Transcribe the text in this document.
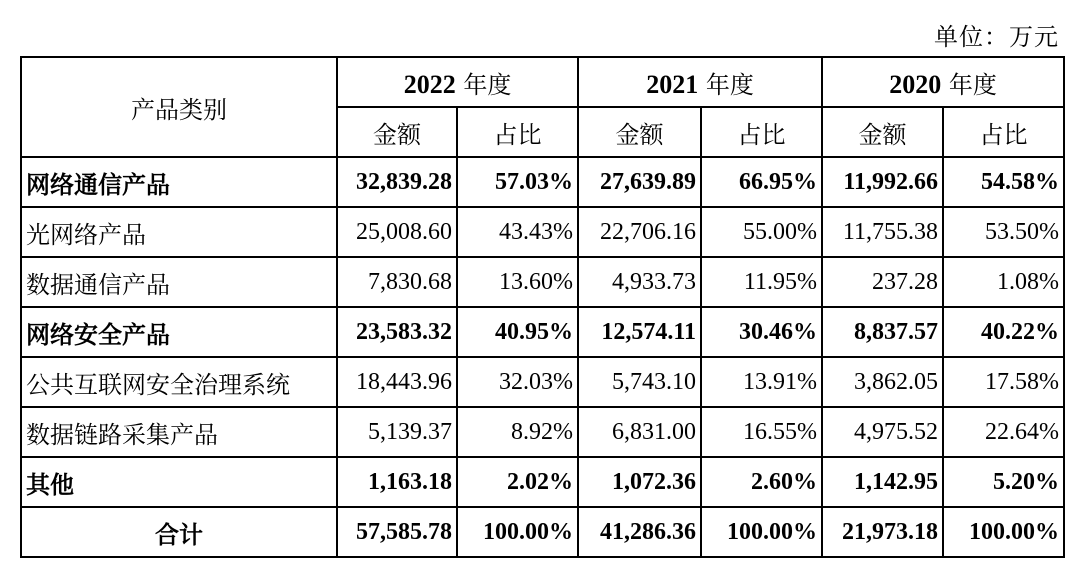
单位：万元
产品类别	2022 年度		2021 年度		2020 年度	
	金额	占比	金额	占比	金额	占比
网络通信产品	32,839.28	57.03%	27,639.89	66.95%	11,992.66	54.58%
光网络产品	25,008.60	43.43%	22,706.16	55.00%	11,755.38	53.50%
数据通信产品	7,830.68	13.60%	4,933.73	11.95%	237.28	1.08%
网络安全产品	23,583.32	40.95%	12,574.11	30.46%	8,837.57	40.22%
公共互联网安全治理系统	18,443.96	32.03%	5,743.10	13.91%	3,862.05	17.58%
数据链路采集产品	5,139.37	8.92%	6,831.00	16.55%	4,975.52	22.64%
其他	1,163.18	2.02%	1,072.36	2.60%	1,142.95	5.20%
合计	57,585.78	100.00%	41,286.36	100.00%	21,973.18	100.00%
